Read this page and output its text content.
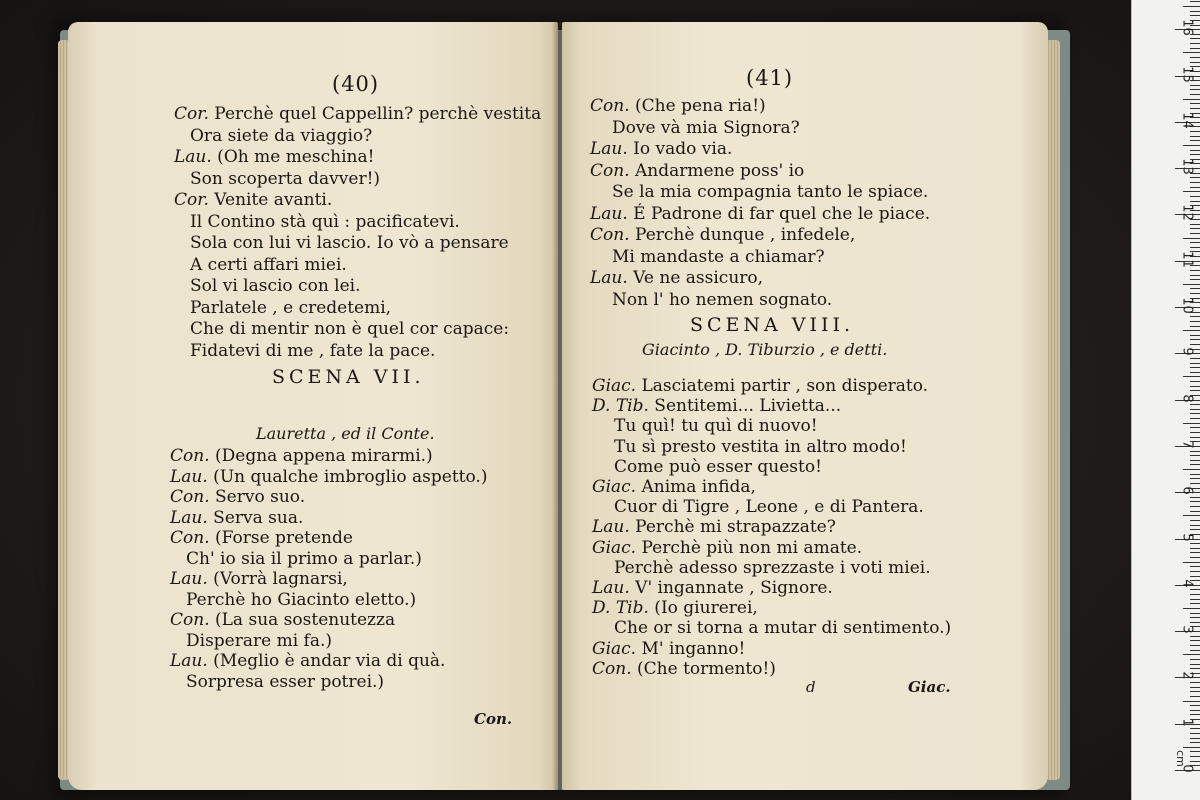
(40)
Cor. Perchè quel Cappellin? perchè vestita
Ora siete da viaggio?
Lau. (Oh me meschina!
Son scoperta davver!)
Cor. Venite avanti.
Il Contino stà quì : pacificatevi.
Sola con lui vi lascio. Io vò a pensare
A certi affari miei.
Sol vi lascio con lei.
Parlatele , e credetemi,
Che di mentir non è quel cor capace:
Fidatevi di me , fate la pace.
SCENA VII.
Lauretta , ed il Conte.
Con. (Degna appena mirarmi.)
Lau. (Un qualche imbroglio aspetto.)
Con. Servo suo.
Lau. Serva sua.
Con. (Forse pretende
Ch' io sia il primo a parlar.)
Lau. (Vorrà lagnarsi,
Perchè ho Giacinto eletto.)
Con. (La sua sostenutezza
Disperare mi fa.)
Lau. (Meglio è andar via di quà.
Sorpresa esser potrei.)
Con.
(41)
Con. (Che pena ria!)
Dove và mia Signora?
Lau. Io vado via.
Con. Andarmene poss' io
Se la mia compagnia tanto le spiace.
Lau. É Padrone di far quel che le piace.
Con. Perchè dunque , infedele,
Mi mandaste a chiamar?
Lau. Ve ne assicuro,
Non l' ho nemen sognato.
SCENA VIII.
Giacinto , D. Tiburzio , e detti.
Giac. Lasciatemi partir , son disperato.
D. Tib. Sentitemi... Livietta...
Tu quì! tu quì di nuovo!
Tu sì presto vestita in altro modo!
Come può esser questo!
Giac. Anima infida,
Cuor di Tigre , Leone , e di Pantera.
Lau. Perchè mi strapazzate?
Giac. Perchè più non mi amate.
Perchè adesso sprezzaste i voti miei.
Lau. V' ingannate , Signore.
D. Tib. (Io giurerei,
Che or si torna a mutar di sentimento.)
Giac. M' inganno!
Con. (Che tormento!)
d	Giac.
cm
0
1
2
3
4
5
6
7
8
9
10
11
12
13
14
15
16
